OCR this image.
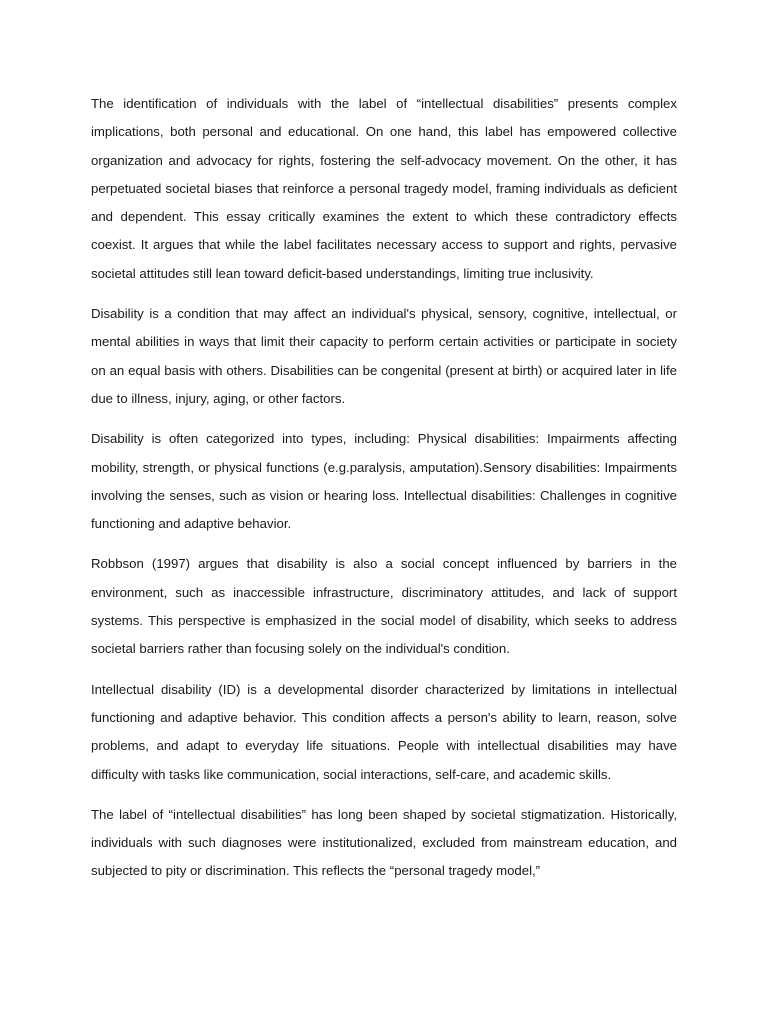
The identification of individuals with the label of “intellectual disabilities” presents complex implications, both personal and educational. On one hand, this label has empowered collective organization and advocacy for rights, fostering the self-advocacy movement. On the other, it has perpetuated societal biases that reinforce a personal tragedy model, framing individuals as deficient and dependent. This essay critically examines the extent to which these contradictory effects coexist. It argues that while the label facilitates necessary access to support and rights, pervasive societal attitudes still lean toward deficit-based understandings, limiting true inclusivity.

Disability is a condition that may affect an individual's physical, sensory, cognitive, intellectual, or mental abilities in ways that limit their capacity to perform certain activities or participate in society on an equal basis with others. Disabilities can be congenital (present at birth) or acquired later in life due to illness, injury, aging, or other factors.

Disability is often categorized into types, including: Physical disabilities: Impairments affecting mobility, strength, or physical functions (e.g.paralysis, amputation).Sensory disabilities: Impairments involving the senses, such as vision or hearing loss. Intellectual disabilities: Challenges in cognitive functioning and adaptive behavior.

Robbson (1997) argues that disability is also a social concept influenced by barriers in the environment, such as inaccessible infrastructure, discriminatory attitudes, and lack of support systems. This perspective is emphasized in the social model of disability, which seeks to address societal barriers rather than focusing solely on the individual's condition.

Intellectual disability (ID) is a developmental disorder characterized by limitations in intellectual functioning and adaptive behavior. This condition affects a person's ability to learn, reason, solve problems, and adapt to everyday life situations. People with intellectual disabilities may have difficulty with tasks like communication, social interactions, self-care, and academic skills.

The label of “intellectual disabilities” has long been shaped by societal stigmatization. Historically, individuals with such diagnoses were institutionalized, excluded from mainstream education, and subjected to pity or discrimination. This reflects the “personal tragedy model,”
